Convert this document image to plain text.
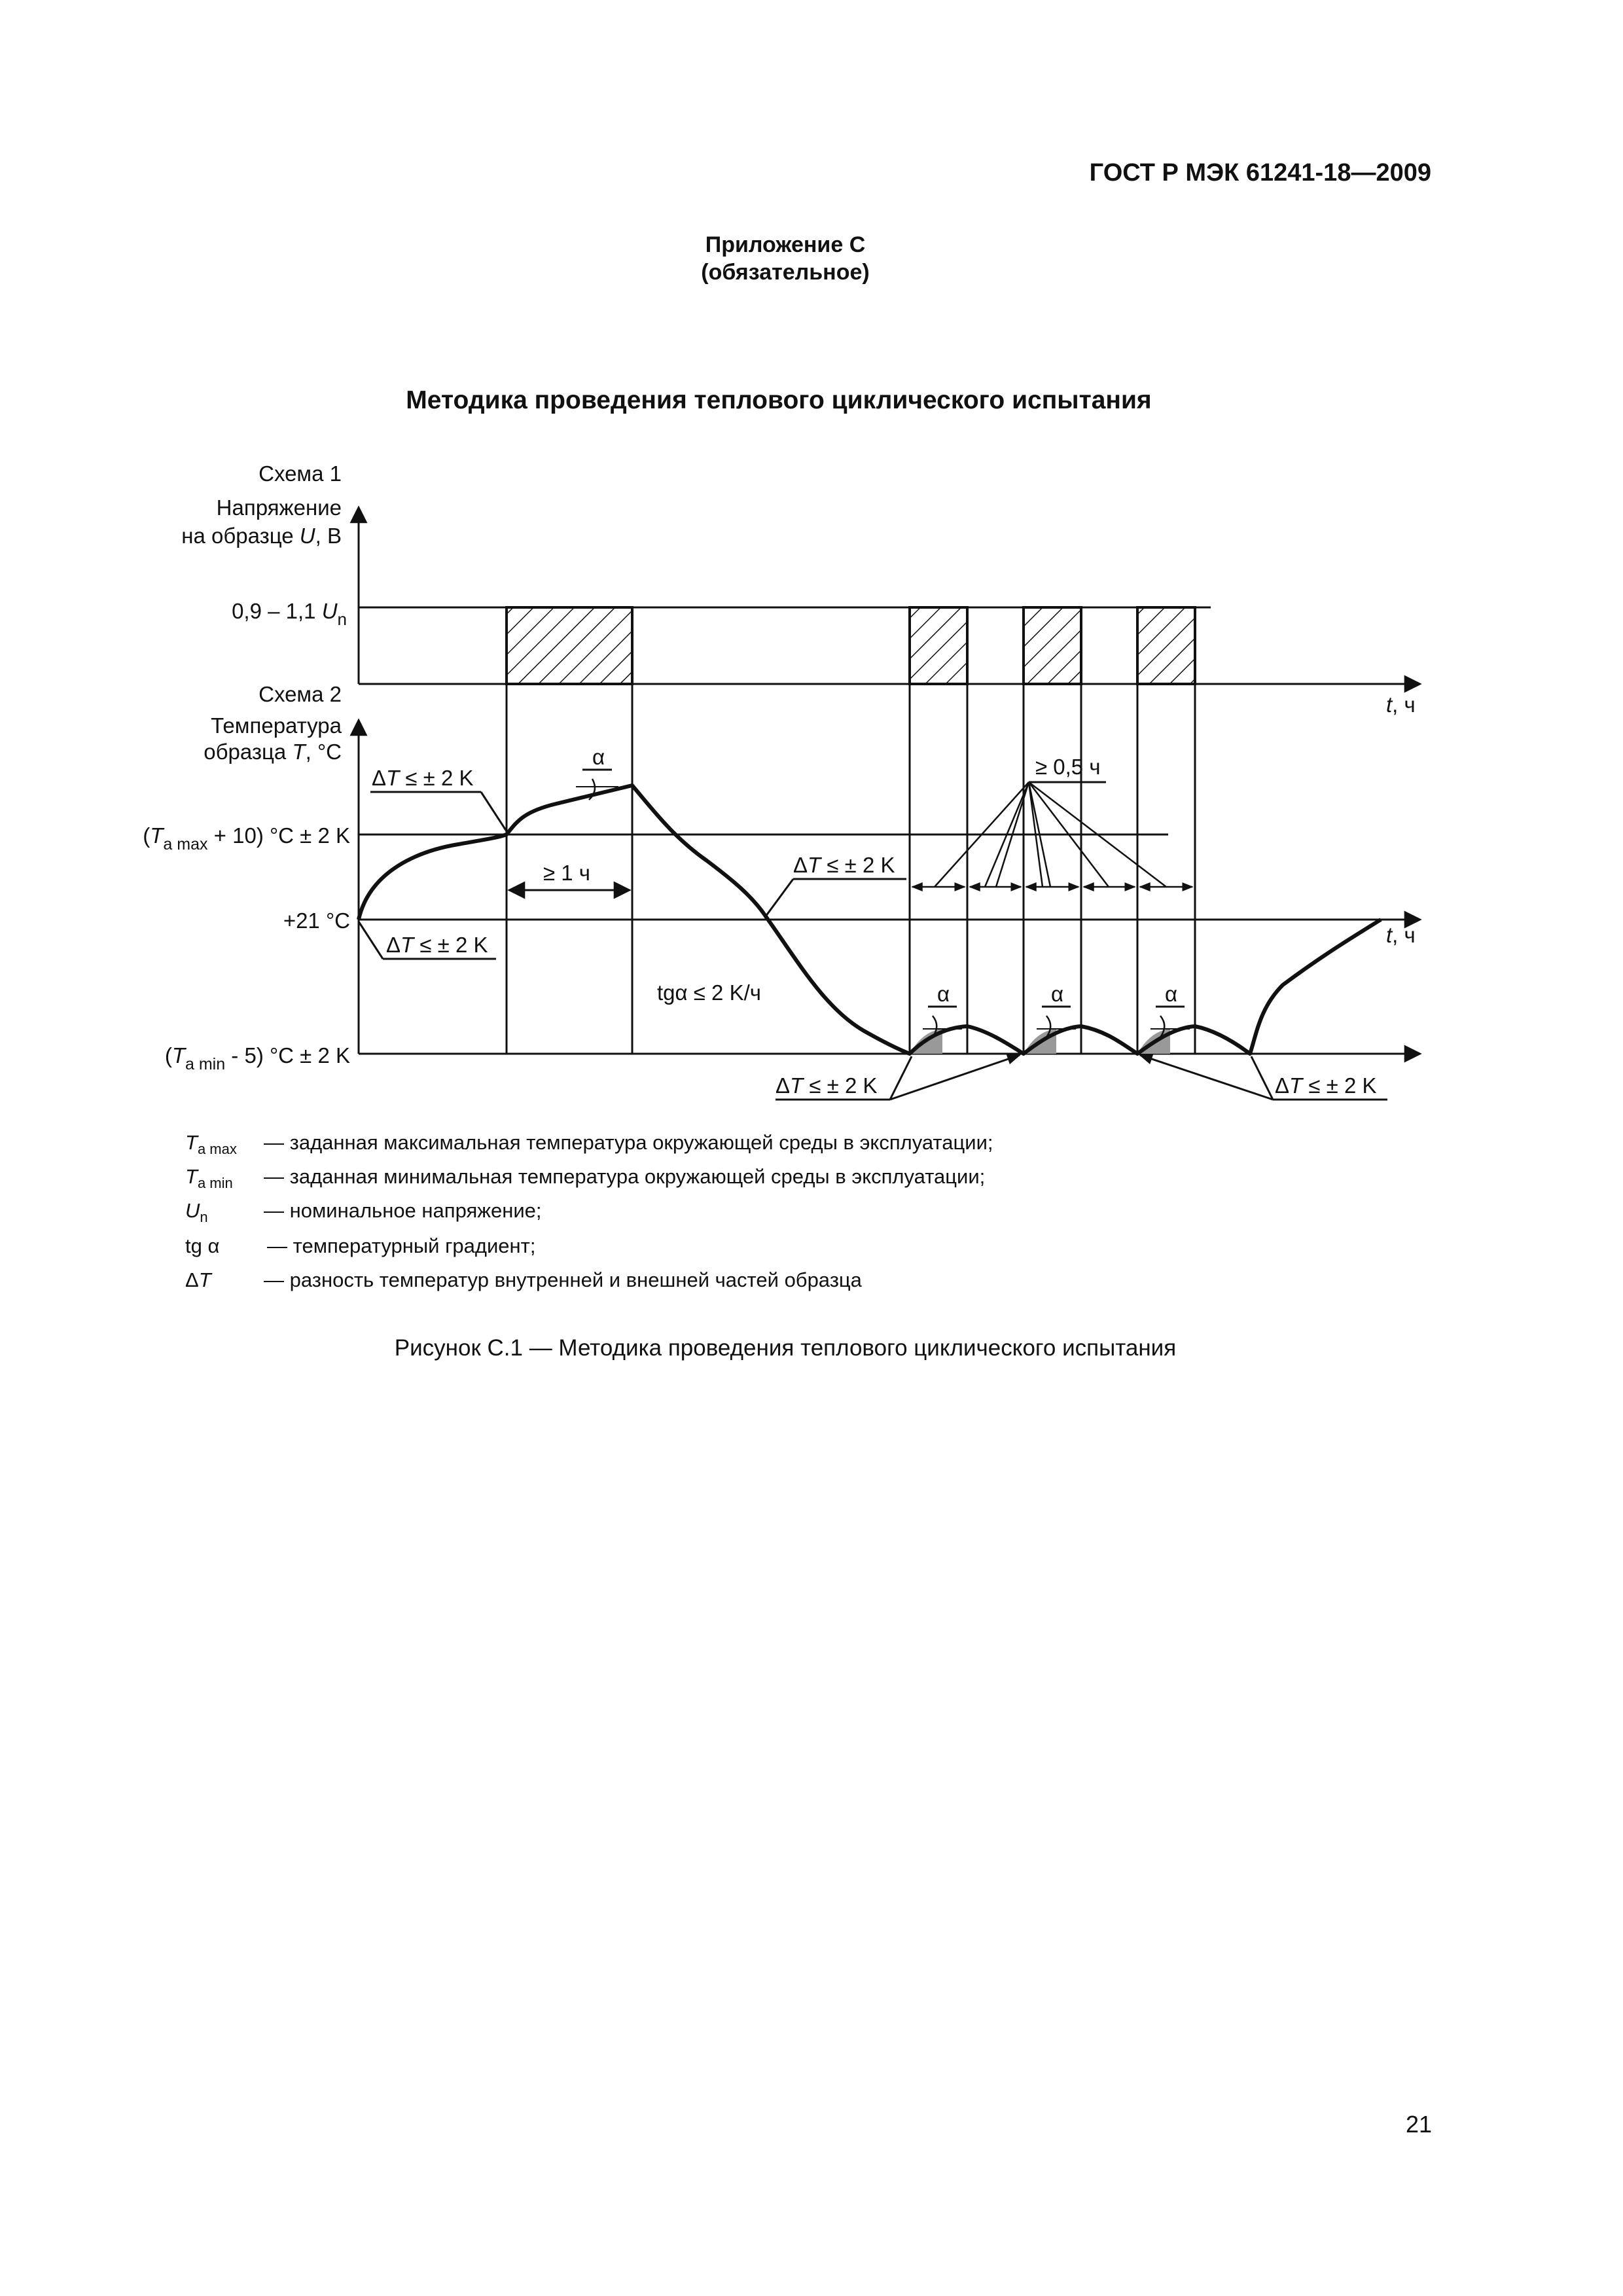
ГОСТ Р МЭК 61241-18—2009
Приложение С
(обязательное)
Методика проведения теплового циклического испытания
Схема 1
Напряжение
на образце U, В
0,9 – 1,1 $U_n$
t, ч
Схема 2
Температура
образца T, °С
$(T_{a max} + 10) ^\circ С \pm 2$ K
+21 °С
$(T_{a min} - 5) ^\circ С \pm 2$ K
t, ч
ΔT ≤ ± 2 K
ΔT ≤ ± 2 K
ΔT ≤ ± 2 K
ΔT ≤ ± 2 K	ΔT ≤ ± 2 K
≥ 1 ч
α
α	α	α
≥ 0,5 ч
tgα ≤ 2 K/ч
$T_{a max}$ — заданная максимальная температура окружающей среды в эксплуатации;
$T_{a min}$ — заданная минимальная температура окружающей среды в эксплуатации;
$U_n$	— номинальное напряжение;
tg α — температурный градиент;
ΔT	— разность температур внутренней и внешней частей образца
Рисунок С.1 — Методика проведения теплового циклического испытания
21
